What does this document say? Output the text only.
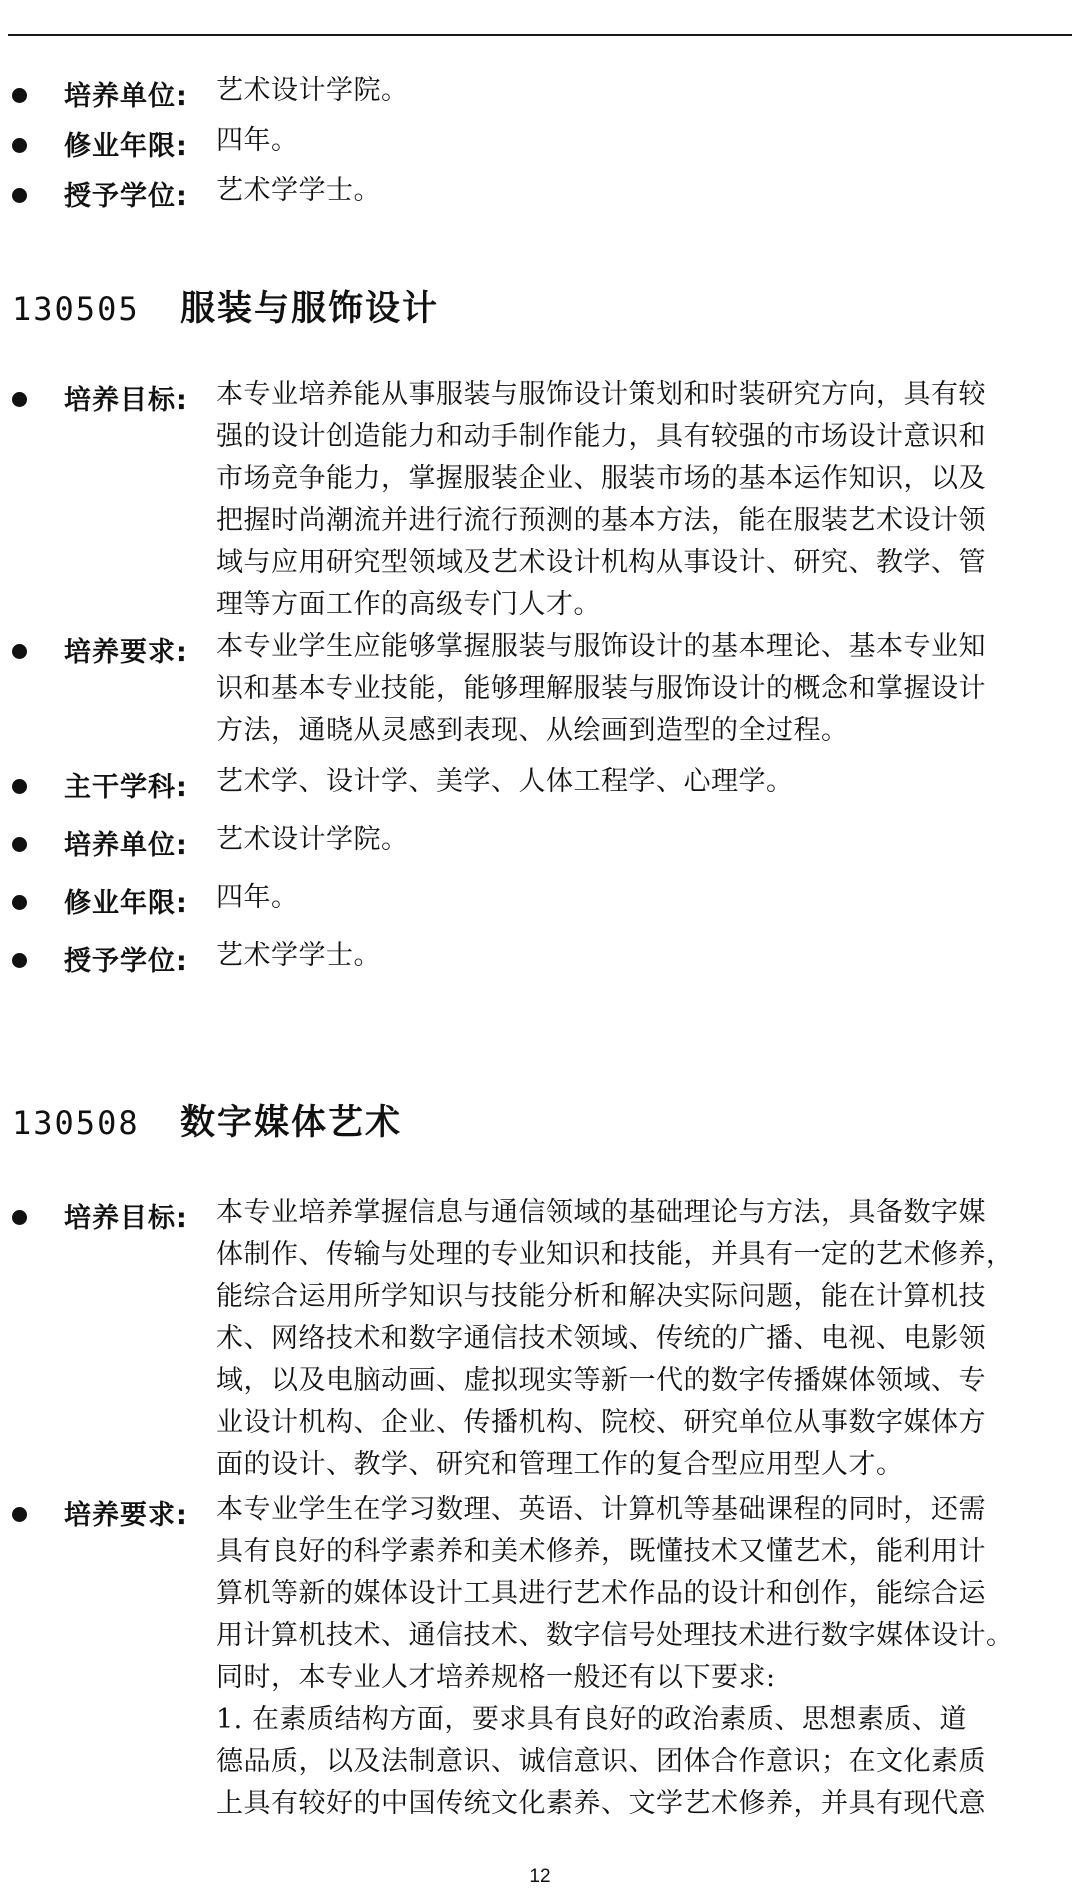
培养单位: 艺术设计学院。
修业年限: 四年。
授予学位: 艺术学学士。
130505 服装与服饰设计
培养目标: 本专业培养能从事服装与服饰设计策划和时装研究方向，具有较
强的设计创造能力和动手制作能力，具有较强的市场设计意识和
市场竞争能力，掌握服装企业、服装市场的基本运作知识，以及
把握时尚潮流并进行流行预测的基本方法，能在服装艺术设计领
域与应用研究型领域及艺术设计机构从事设计、研究、教学、管
理等方面工作的高级专门人才。
培养要求: 本专业学生应能够掌握服装与服饰设计的基本理论、基本专业知
识和基本专业技能，能够理解服装与服饰设计的概念和掌握设计
方法，通晓从灵感到表现、从绘画到造型的全过程。
主干学科: 艺术学、设计学、美学、人体工程学、心理学。
培养单位: 艺术设计学院。
修业年限: 四年。
授予学位: 艺术学学士。
130508 数字媒体艺术
培养目标: 本专业培养掌握信息与通信领域的基础理论与方法，具备数字媒
体制作、传输与处理的专业知识和技能，并具有一定的艺术修养，
能综合运用所学知识与技能分析和解决实际问题，能在计算机技
术、网络技术和数字通信技术领域、传统的广播、电视、电影领
域，以及电脑动画、虚拟现实等新一代的数字传播媒体领域、专
业设计机构、企业、传播机构、院校、研究单位从事数字媒体方
面的设计、教学、研究和管理工作的复合型应用型人才。
培养要求: 本专业学生在学习数理、英语、计算机等基础课程的同时，还需
具有良好的科学素养和美术修养，既懂技术又懂艺术，能利用计
算机等新的媒体设计工具进行艺术作品的设计和创作，能综合运
用计算机技术、通信技术、数字信号处理技术进行数字媒体设计。
同时，本专业人才培养规格一般还有以下要求:
1. 在素质结构方面，要求具有良好的政治素质、思想素质、道
德品质，以及法制意识、诚信意识、团体合作意识；在文化素质
上具有较好的中国传统文化素养、文学艺术修养，并具有现代意
12
